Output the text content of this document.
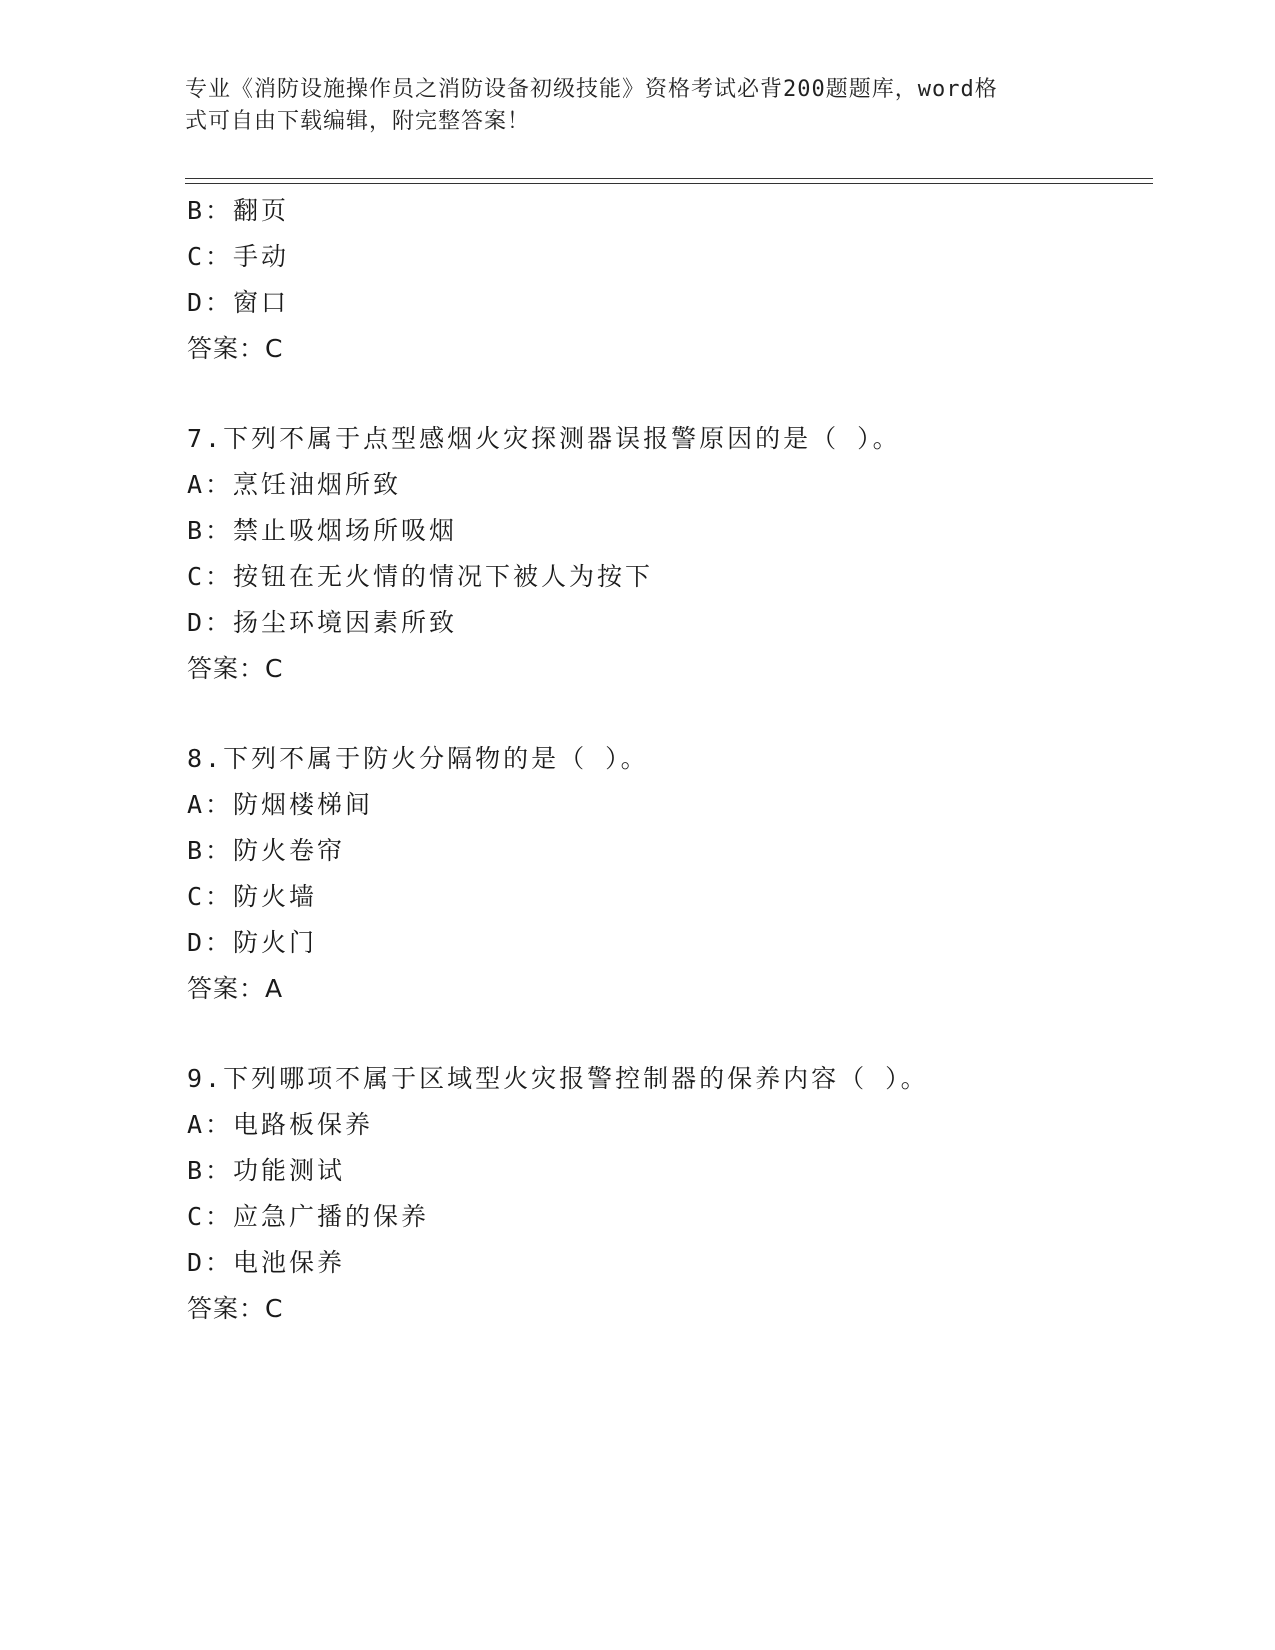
专业《消防设施操作员之消防设备初级技能》资格考试必背200题题库，word格
式可自由下载编辑，附完整答案！
B：翻页
C：手动
D：窗口
答案：C
7.下列不属于点型感烟火灾探测器误报警原因的是（ ）。
A：烹饪油烟所致
B：禁止吸烟场所吸烟
C：按钮在无火情的情况下被人为按下
D：扬尘环境因素所致
答案：C
8.下列不属于防火分隔物的是（ ）。
A：防烟楼梯间
B：防火卷帘
C：防火墙
D：防火门
答案：A
9.下列哪项不属于区域型火灾报警控制器的保养内容（ ）。
A：电路板保养
B：功能测试
C：应急广播的保养
D：电池保养
答案：C
